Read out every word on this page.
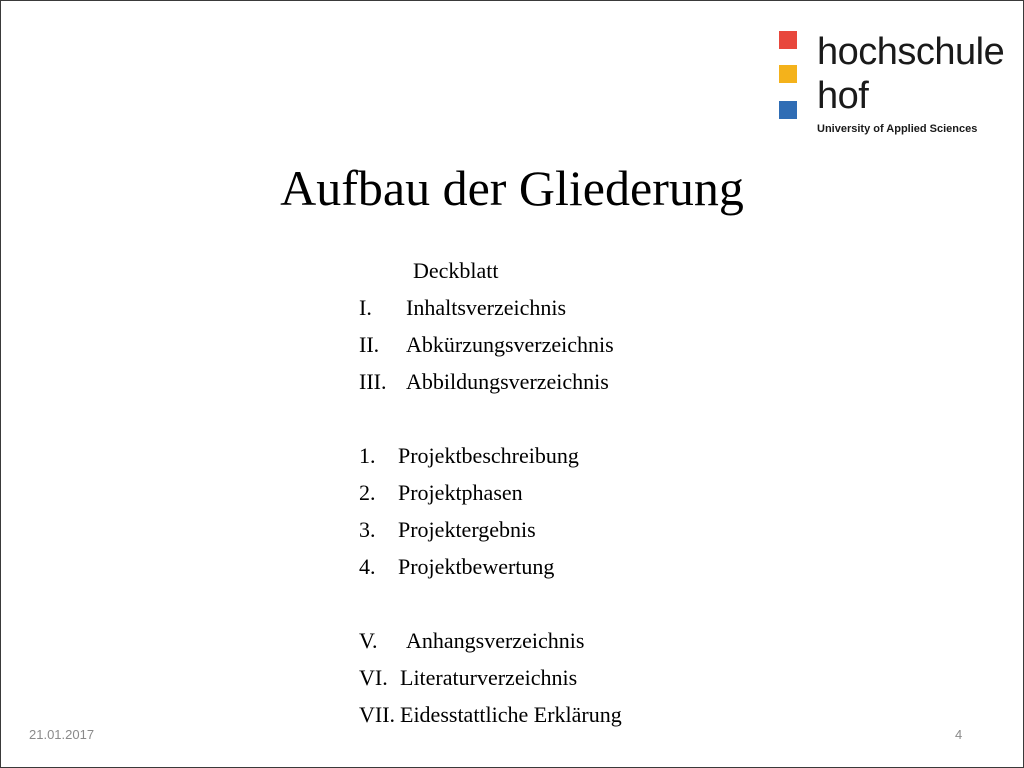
hochschule
hof
University of Applied Sciences
Aufbau der Gliederung
Deckblatt
I. Inhaltsverzeichnis
II. Abkürzungsverzeichnis
III. Abbildungsverzeichnis
1. Projektbeschreibung
2. Projektphasen
3. Projektergebnis
4. Projektbewertung
V. Anhangsverzeichnis
VI. Literaturverzeichnis
VII. Eidesstattliche Erklärung
21.01.2017	4
